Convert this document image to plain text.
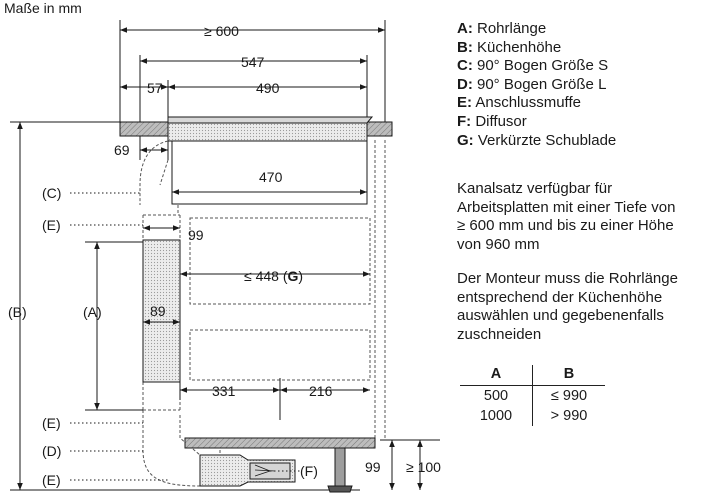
Maße in mm
≥ 600
547
57	490
69
470
99
≤ 448 (G)
89
331	216
99 ≥ 100
(C)
(E)
(A)
(B)
(E)
(D)
(E)
(F)
A: Rohrlänge
B: Küchenhöhe
C: 90° Bogen Größe S
D: 90° Bogen Größe L
E: Anschlussmuffe
F: Diffusor
G: Verkürzte Schublade
Kanalsatz verfügbar für
Arbeitsplatten mit einer Tiefe von
≥ 600 mm und bis zu einer Höhe
von 960 mm
Der Monteur muss die Rohrlänge
entsprechend der Küchenhöhe
auswählen und gegebenenfalls
zuschneiden
A	B
500	≤ 990
1000	> 990
